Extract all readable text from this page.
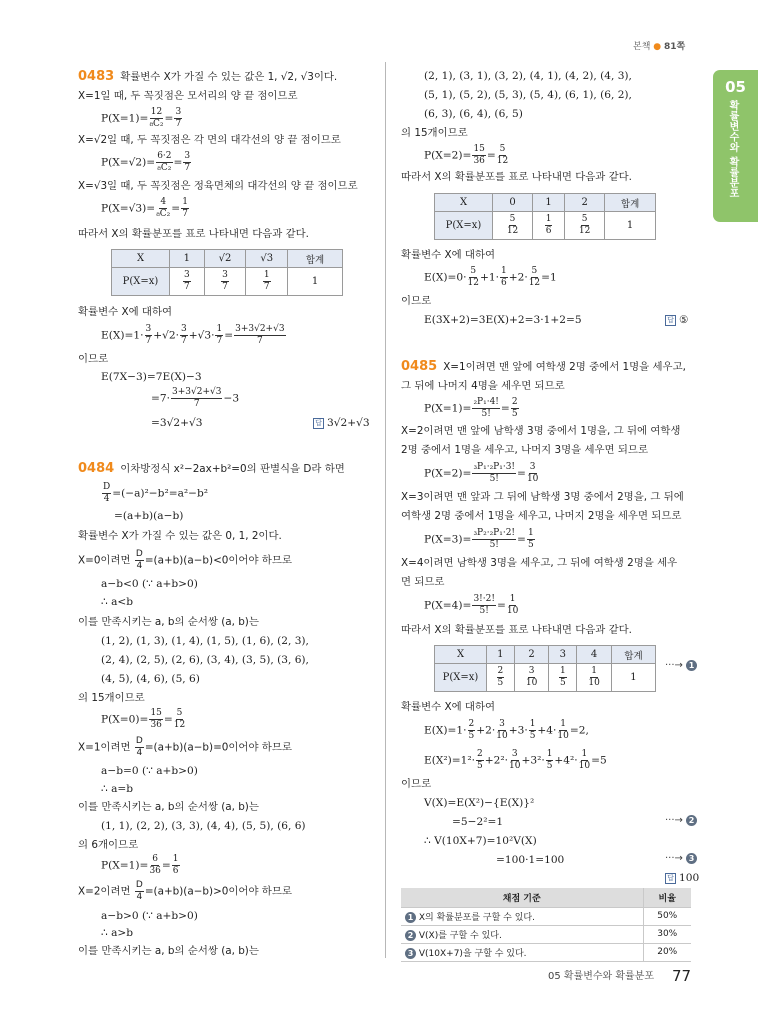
본책 ● 81쪽
05
확률변수와 확률분포
0483 확률변수 X가 가질 수 있는 값은 1, √2, √3이다.
X=1일 때, 두 꼭짓점은 모서리의 양 끝 점이므로
$P(X=1)= \frac{12}{\text{₈C₂}} = \frac{3}{7}$
X=√2일 때, 두 꼭짓점은 각 면의 대각선의 양 끝 점이므로
$P(X=√2)= \frac{6\cdot 2}{\text{₈C₂}} = \frac{3}{7}$
X=√3일 때, 두 꼭짓점은 정육면체의 대각선의 양 끝 점이므로
$P(X=√3)= \frac{4}{\text{₈C₂}} = \frac{1}{7}$
따라서 X의 확률분포를 표로 나타내면 다음과 같다.
X	1	√2	√3	합계
P(X=x)	$\frac{3}{7}$	$\frac{3}{7}$	$\frac{1}{7}$	1
확률변수 X에 대하여
$E(X)=1\cdot \frac{3}{7} +√2\cdot \frac{3}{7} +√3\cdot \frac{1}{7} = \frac{3+3√2+√3}{7}$
이므로
E(7X−3)=7E(X)−3
$=7\cdot \frac{3+3√2+√3}{7} -3$
=3√2+√3	답 3√2+√3
0484 이차방정식 x²−2ax+b²=0의 판별식을 D라 하면
$\frac{D}{4} =(-a)^2-b^2=a^2-b^2$
=(a+b)(a−b)
확률변수 X가 가질 수 있는 값은 0, 1, 2이다.
X=0이려면 $\frac{D}{4} =(a+b)(a-b)<0$이어야 하므로
a−b<0 (∵ a+b>0)
∴ a<b
이를 만족시키는 a, b의 순서쌍 (a, b)는
(1, 2), (1, 3), (1, 4), (1, 5), (1, 6), (2, 3),
(2, 4), (2, 5), (2, 6), (3, 4), (3, 5), (3, 6),
(4, 5), (4, 6), (5, 6)
의 15개이므로
$P(X=0)= \frac{15}{36} = \frac{5}{12}$
X=1이려면 $\frac{D}{4} =(a+b)(a-b)=0$이어야 하므로
a−b=0 (∵ a+b>0)
∴ a=b
이를 만족시키는 a, b의 순서쌍 (a, b)는
(1, 1), (2, 2), (3, 3), (4, 4), (5, 5), (6, 6)
의 6개이므로
$P(X=1)= \frac{6}{36} = \frac{1}{6}$
X=2이려면 $\frac{D}{4} =(a+b)(a-b)>0$이어야 하므로
a−b>0 (∵ a+b>0)
∴ a>b
이를 만족시키는 a, b의 순서쌍 (a, b)는
(2, 1), (3, 1), (3, 2), (4, 1), (4, 2), (4, 3),
(5, 1), (5, 2), (5, 3), (5, 4), (6, 1), (6, 2),
(6, 3), (6, 4), (6, 5)
의 15개이므로
$P(X=2)= \frac{15}{36} = \frac{5}{12}$
따라서 X의 확률분포를 표로 나타내면 다음과 같다.
X	0	1	2	합계
P(X=x)	$\frac{5}{12}$	$\frac{1}{6}$	$\frac{5}{12}$	1
확률변수 X에 대하여
$E(X)=0\cdot \frac{5}{12} +1\cdot \frac{1}{6} +2\cdot \frac{5}{12} =1$
이므로
E(3X+2)=3E(X)+2=3·1+2=5	답 ⑤
0485 X=1이려면 맨 앞에 여학생 2명 중에서 1명을 세우고,
그 뒤에 나머지 4명을 세우면 되므로
$P(X=1)= \frac{\text{₂P₁·4!}}{5!} = \frac{2}{5}$
X=2이려면 맨 앞에 남학생 3명 중에서 1명을, 그 뒤에 여학생
2명 중에서 1명을 세우고, 나머지 3명을 세우면 되므로
$P(X=2)= \frac{\text{₃P₁·₂P₁·3!}}{5!} = \frac{3}{10}$
X=3이려면 맨 앞과 그 뒤에 남학생 3명 중에서 2명을, 그 뒤에
여학생 2명 중에서 1명을 세우고, 나머지 2명을 세우면 되므로
$P(X=3)= \frac{\text{₃P₂·₂P₁·2!}}{5!} = \frac{1}{5}$
X=4이려면 남학생 3명을 세우고, 그 뒤에 여학생 2명을 세우
면 되므로
$P(X=4)= \frac{3!\cdot 2!}{5!} = \frac{1}{10}$
따라서 X의 확률분포를 표로 나타내면 다음과 같다.
X	1	2	3	4	합계
P(X=x)	$\frac{2}{5}$	$\frac{3}{10}$	$\frac{1}{5}$	$\frac{1}{10}$	1
···→ 1
확률변수 X에 대하여
$E(X)=1\cdot \frac{2}{5} +2\cdot \frac{3}{10} +3\cdot \frac{1}{5} +4\cdot \frac{1}{10} =2$,
$E(X^2)=1^2\cdot \frac{2}{5} +2^2\cdot \frac{3}{10} +3^2\cdot \frac{1}{5} +4^2\cdot \frac{1}{10} =5$
이므로
V(X)=E(X²)−{E(X)}²
=5−2²=1	···→ 2
∴ V(10X+7)=10²V(X)
=100·1=100	···→ 3
답 100
채점 기준	비율
1 X의 확률분포를 구할 수 있다.	50%
2 V(X)를 구할 수 있다.	30%
3 V(10X+7)을 구할 수 있다.	20%
05 확률변수와 확률분포 77
